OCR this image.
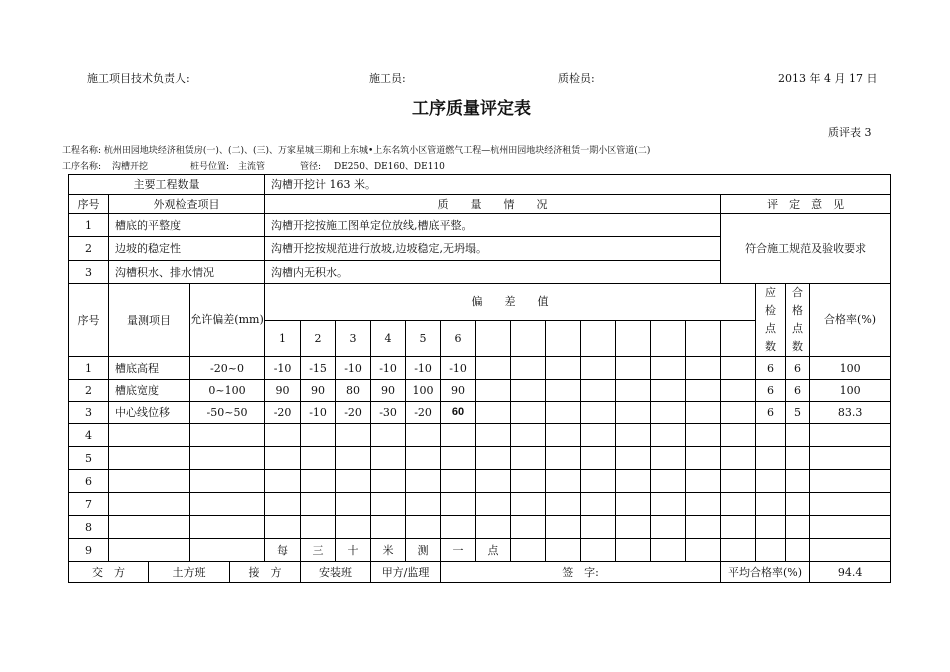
施工项目技术负责人:	施工员:	质检员:	2013 年 4 月 17 日
工序质量评定表
质评表 3
工程名称: 杭州田园地块经济租赁房(一)、(二)、(三)、万家星城三期和上东城•上东名筑小区管道燃气工程—杭州田园地块经济租赁一期小区管道(二)
工序名称: 沟槽开挖	桩号位置: 主流管	管径: DE250、DE160、DE110
主要工程数量					沟槽开挖计 163 米。																
序号	外观检查项目				质　　量　　情　　况													评　定　意　见			
1	槽底的平整度				沟槽开挖按施工图单定位放线,槽底平整。													符合施工规范及验收要求			
2	边坡的稳定性				沟槽开挖按规范进行放坡,边坡稳定,无坍塌。																
3	沟槽积水、排水情况				沟槽内无积水。																
序号	量测项目		允许偏差(mm)		偏　　差　　值														应检点数	合格点数	合格率(%)
					1	2	3	4	5	6											
1	槽底高程		-20~0		-10	-15	-10	-10	-10	-10									6	6	100
2	槽底宽度		0~100		90	90	80	90	100	90									6	6	100
3	中心线位移		-50~50		-20	-10	-20	-30	-20	60									6	5	83.3
4																					
5																					
6																					
7																					
8																					
9					每	三	十	米	测	一	点										
交　方		土方班		接　方		安装班		甲方/监理		签　字:								平均合格率(%)			94.4
